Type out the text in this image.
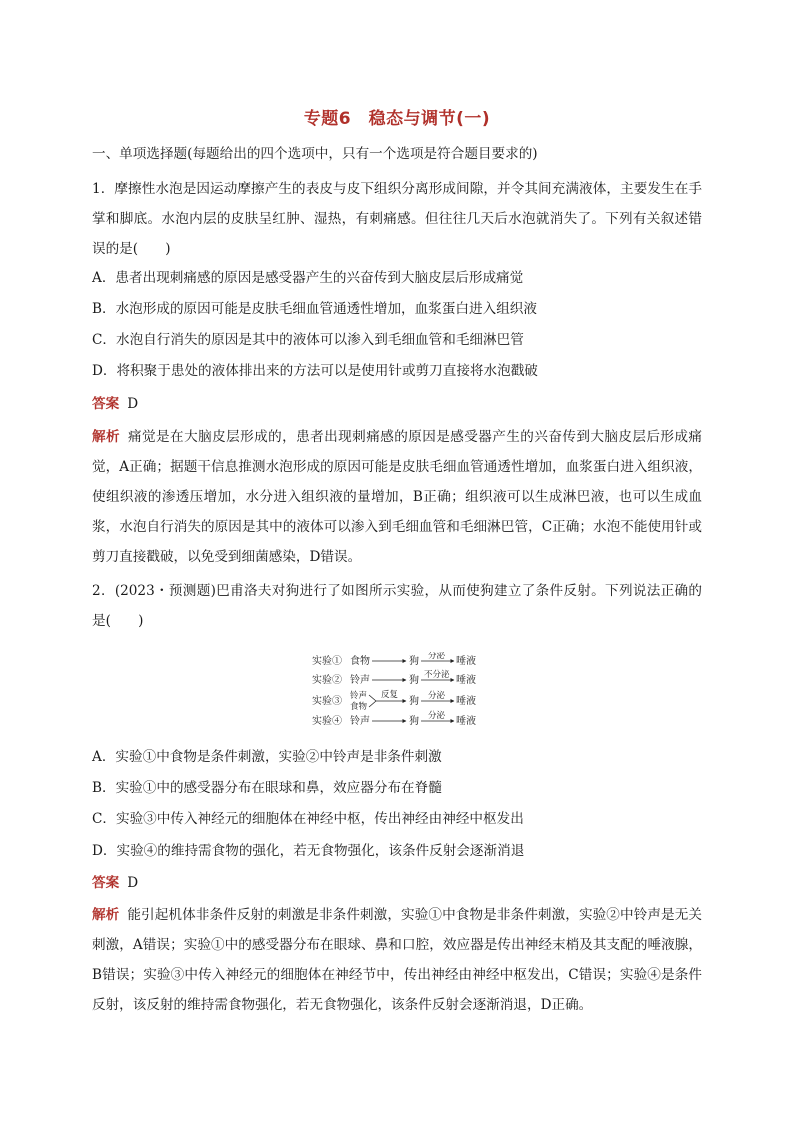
专题6　稳态与调节(一)
一、单项选择题(每题给出的四个选项中，只有一个选项是符合题目要求的)
1．摩擦性水泡是因运动摩擦产生的表皮与皮下组织分离形成间隙，并令其间充满液体，主要发生在手掌和脚底。水泡内层的皮肤呈红肿、湿热，有刺痛感。但往往几天后水泡就消失了。下列有关叙述错误的是(　　)
A．患者出现刺痛感的原因是感受器产生的兴奋传到大脑皮层后形成痛觉
B．水泡形成的原因可能是皮肤毛细血管通透性增加，血浆蛋白进入组织液
C．水泡自行消失的原因是其中的液体可以渗入到毛细血管和毛细淋巴管
D．将积聚于患处的液体排出来的方法可以是使用针或剪刀直接将水泡戳破
答案 D
解析 痛觉是在大脑皮层形成的，患者出现刺痛感的原因是感受器产生的兴奋传到大脑皮层后形成痛觉，A正确；据题干信息推测水泡形成的原因可能是皮肤毛细血管通透性增加，血浆蛋白进入组织液，使组织液的渗透压增加，水分进入组织液的量增加，B正确；组织液可以生成淋巴液，也可以生成血浆，水泡自行消失的原因是其中的液体可以渗入到毛细血管和毛细淋巴管，C正确；水泡不能使用针或剪刀直接戳破，以免受到细菌感染，D错误。
2．(2023・预测题)巴甫洛夫对狗进行了如图所示实验，从而使狗建立了条件反射。下列说法正确的是(　　)
实验① 食物	狗 分泌 唾液
实验② 铃声	狗 不分泌 唾液
实验③ 铃声
食物
反复
狗 分泌 唾液
实验④ 铃声	狗 分泌 唾液
A．实验①中食物是条件刺激，实验②中铃声是非条件刺激
B．实验①中的感受器分布在眼球和鼻，效应器分布在脊髓
C．实验③中传入神经元的细胞体在神经中枢，传出神经由神经中枢发出
D．实验④的维持需食物的强化，若无食物强化，该条件反射会逐渐消退
答案 D
解析 能引起机体非条件反射的刺激是非条件刺激，实验①中食物是非条件刺激，实验②中铃声是无关刺激，A错误；实验①中的感受器分布在眼球、鼻和口腔，效应器是传出神经末梢及其支配的唾液腺，B错误；实验③中传入神经元的细胞体在神经节中，传出神经由神经中枢发出，C错误；实验④是条件反射，该反射的维持需食物强化，若无食物强化，该条件反射会逐渐消退，D正确。
